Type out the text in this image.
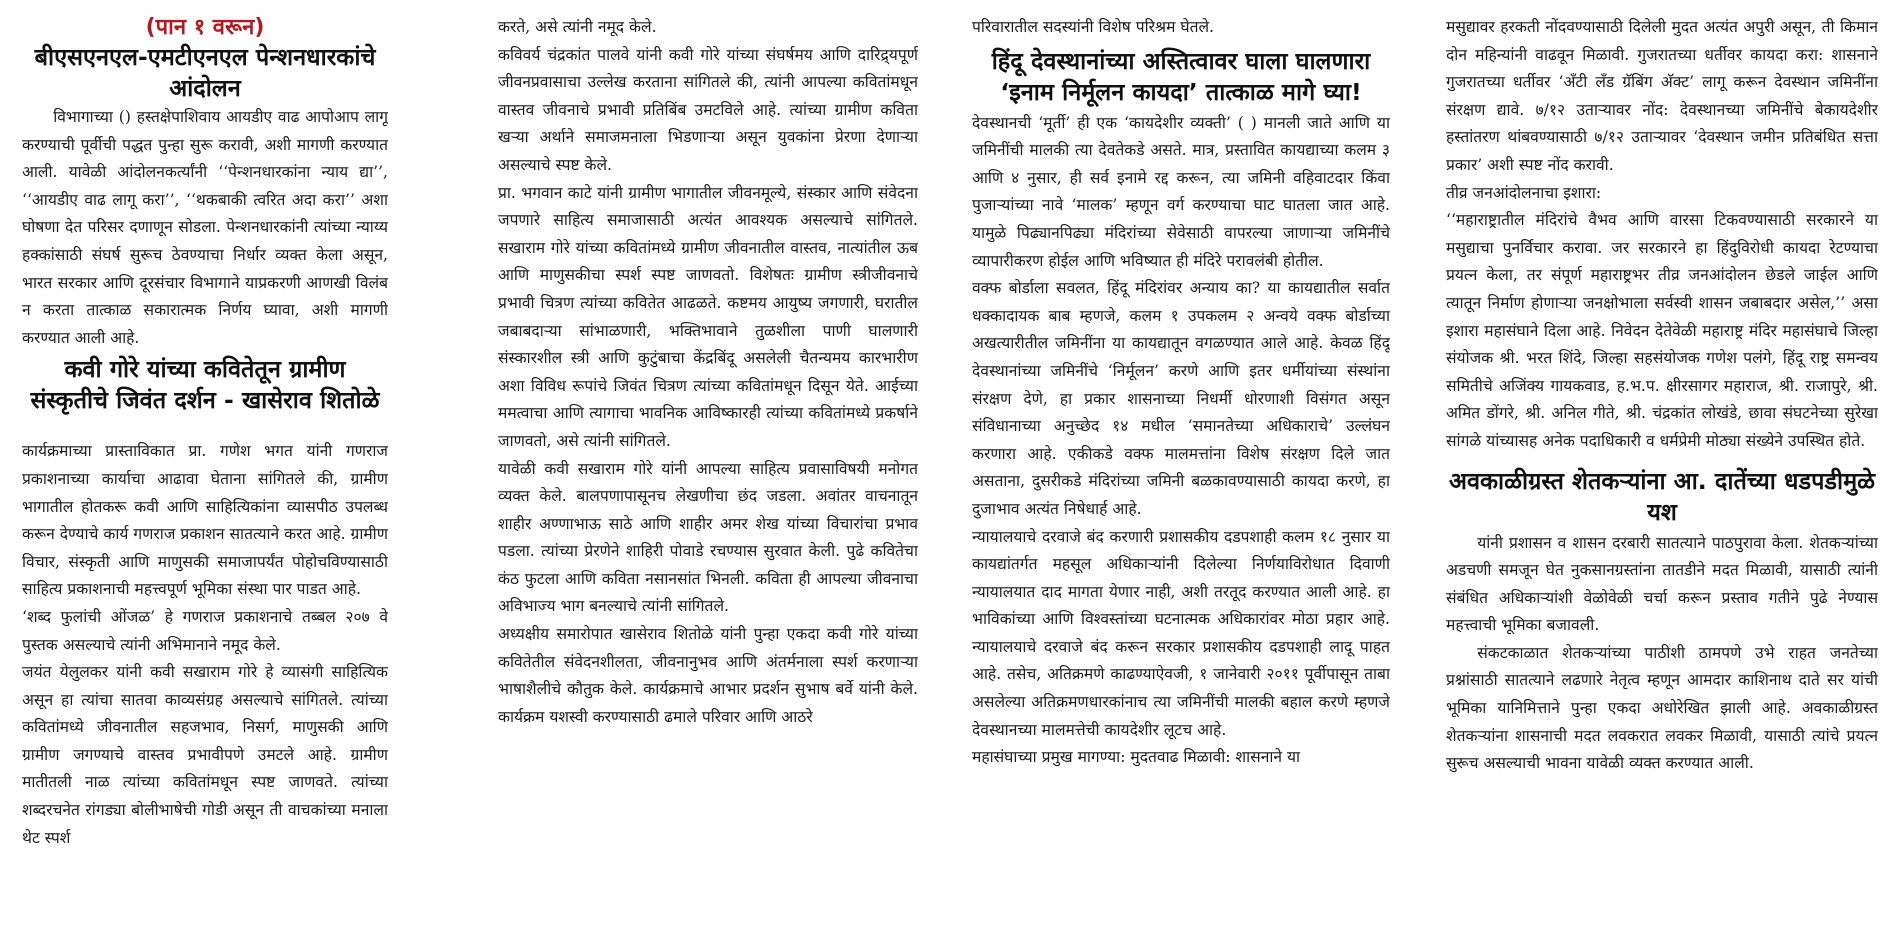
(पान १ वरून)
बीएसएनएल-एमटीएनएल पेन्शनधारकांचे आंदोलन

विभागाच्या () हस्तक्षेपाशिवाय आयडीए वाढ आपोआप लागू करण्याची पूर्वीची पद्धत पुन्हा सुरू करावी, अशी मागणी करण्यात आली. यावेळी आंदोलनकर्त्यांनी ‘‘पेन्शनधारकांना न्याय द्या’’, ‘‘आयडीए वाढ लागू करा’’, ‘‘थकबाकी त्वरित अदा करा’’ अशा घोषणा देत परिसर दणाणून सोडला. पेन्शनधारकांनी त्यांच्या न्याय्य हक्कांसाठी संघर्ष सुरूच ठेवण्याचा निर्धार व्यक्त केला असून, भारत सरकार आणि दूरसंचार विभागाने याप्रकरणी आणखी विलंब न करता तात्काळ सकारात्मक निर्णय घ्यावा, अशी मागणी करण्यात आली आहे.

कवी गोरे यांच्या कवितेतून ग्रामीण संस्कृतीचे जिवंत दर्शन - खासेराव शितोळे

कार्यक्रमाच्या प्रास्ताविकात प्रा. गणेश भगत यांनी गणराज प्रकाशनाच्या कार्याचा आढावा घेताना सांगितले की, ग्रामीण भागातील होतकरू कवी आणि साहित्यिकांना व्यासपीठ उपलब्ध करून देण्याचे कार्य गणराज प्रकाशन सातत्याने करत आहे. ग्रामीण विचार, संस्कृती आणि माणुसकी समाजापर्यंत पोहोचविण्यासाठी साहित्य प्रकाशनाची महत्त्वपूर्ण भूमिका संस्था पार पाडत आहे.

‘शब्द फुलांची ओंजळ’ हे गणराज प्रकाशनाचे तब्बल २०७ वे पुस्तक असल्याचे त्यांनी अभिमानाने नमूद केले.

जयंत येलुलकर यांनी कवी सखाराम गोरे हे व्यासंगी साहित्यिक असून हा त्यांचा सातवा काव्यसंग्रह असल्याचे सांगितले. त्यांच्या कवितांमध्ये जीवनातील सहजभाव, निसर्ग, माणुसकी आणि ग्रामीण जगण्याचे वास्तव प्रभावीपणे उमटले आहे. ग्रामीण मातीतली नाळ त्यांच्या कवितांमधून स्पष्ट जाणवते. त्यांच्या शब्दरचनेत रांगड्या बोलीभाषेची गोडी असून ती वाचकांच्या मनाला थेट स्पर्श

करते, असे त्यांनी नमूद केले.

कविवर्य चंद्रकांत पालवे यांनी कवी गोरे यांच्या संघर्षमय आणि दारिद्र्यपूर्ण जीवनप्रवासाचा उल्लेख करताना सांगितले की, त्यांनी आपल्या कवितांमधून वास्तव जीवनाचे प्रभावी प्रतिबिंब उमटविले आहे. त्यांच्या ग्रामीण कविता खऱ्या अर्थाने समाजमनाला भिडणाऱ्या असून युवकांना प्रेरणा देणाऱ्या असल्याचे स्पष्ट केले.

प्रा. भगवान काटे यांनी ग्रामीण भागातील जीवनमूल्ये, संस्कार आणि संवेदना जपणारे साहित्य समाजासाठी अत्यंत आवश्यक असल्याचे सांगितले. सखाराम गोरे यांच्या कवितांमध्ये ग्रामीण जीवनातील वास्तव, नात्यांतील ऊब आणि माणुसकीचा स्पर्श स्पष्ट जाणवतो. विशेषतः ग्रामीण स्त्रीजीवनाचे प्रभावी चित्रण त्यांच्या कवितेत आढळते. कष्टमय आयुष्य जगणारी, घरातील जबाबदाऱ्या सांभाळणारी, भक्तिभावाने तुळशीला पाणी घालणारी संस्कारशील स्त्री आणि कुटुंबाचा केंद्रबिंदू असलेली चैतन्यमय कारभारीण अशा विविध रूपांचे जिवंत चित्रण त्यांच्या कवितांमधून दिसून येते. आईच्या ममत्वाचा आणि त्यागाचा भावनिक आविष्कारही त्यांच्या कवितांमध्ये प्रकर्षाने जाणवतो, असे त्यांनी सांगितले.

यावेळी कवी सखाराम गोरे यांनी आपल्या साहित्य प्रवासाविषयी मनोगत व्यक्त केले. बालपणापासूनच लेखणीचा छंद जडला. अवांतर वाचनातून शाहीर अण्णाभाऊ साठे आणि शाहीर अमर शेख यांच्या विचारांचा प्रभाव पडला. त्यांच्या प्रेरणेने शाहिरी पोवाडे रचण्यास सुरवात केली. पुढे कवितेचा कंठ फुटला आणि कविता नसानसांत भिनली. कविता ही आपल्या जीवनाचा अविभाज्य भाग बनल्याचे त्यांनी सांगितले.

अध्यक्षीय समारोपात खासेराव शितोळे यांनी पुन्हा एकदा कवी गोरे यांच्या कवितेतील संवेदनशीलता, जीवनानुभव आणि अंतर्मनाला स्पर्श करणाऱ्या भाषाशैलीचे कौतुक केले. कार्यक्रमाचे आभार प्रदर्शन सुभाष बर्वे यांनी केले. कार्यक्रम यशस्वी करण्यासाठी ढमाले परिवार आणि आठरे

परिवारातील सदस्यांनी विशेष परिश्रम घेतले.

हिंदू देवस्थानांच्या अस्तित्वावर घाला घालणारा ‘इनाम निर्मूलन कायदा’ तात्काळ मागे घ्या!

देवस्थानची ‘मूर्ती’ ही एक ‘कायदेशीर व्यक्ती’ ( ) मानली जाते आणि या जमिनींची मालकी त्या देवतेकडे असते. मात्र, प्रस्तावित कायद्याच्या कलम ३ आणि ४ नुसार, ही सर्व इनामे रद्द करून, त्या जमिनी वहिवाटदार किंवा पुजाऱ्यांच्या नावे ‘मालक’ म्हणून वर्ग करण्याचा घाट घातला जात आहे. यामुळे पिढ्यानपिढ्या मंदिरांच्या सेवेसाठी वापरल्या जाणाऱ्या जमिनींचे व्यापारीकरण होईल आणि भविष्यात ही मंदिरे परावलंबी होतील.

वक्फ बोर्डाला सवलत, हिंदू मंदिरांवर अन्याय का? या कायद्यातील सर्वात धक्कादायक बाब म्हणजे, कलम १ उपकलम २ अन्वये वक्फ बोर्डाच्या अखत्यारीतील जमिनींना या कायद्यातून वगळण्यात आले आहे. केवळ हिंदू देवस्थानांच्या जमिनींचे ‘निर्मूलन’ करणे आणि इतर धर्मीयांच्या संस्थांना संरक्षण देणे, हा प्रकार शासनाच्या निधर्मी धोरणाशी विसंगत असून संविधानाच्या अनुच्छेद १४ मधील ‘समानतेच्या अधिकाराचे’ उल्लंघन करणारा आहे. एकीकडे वक्फ मालमत्तांना विशेष संरक्षण दिले जात असताना, दुसरीकडे मंदिरांच्या जमिनी बळकावण्यासाठी कायदा करणे, हा दुजाभाव अत्यंत निषेधार्ह आहे.

न्यायालयाचे दरवाजे बंद करणारी प्रशासकीय दडपशाही कलम १८ नुसार या कायद्यांतर्गत महसूल अधिकाऱ्यांनी दिलेल्या निर्णयाविरोधात दिवाणी न्यायालयात दाद मागता येणार नाही, अशी तरतूद करण्यात आली आहे. हा भाविकांच्या आणि विश्वस्तांच्या घटनात्मक अधिकारांवर मोठा प्रहार आहे. न्यायालयाचे दरवाजे बंद करून सरकार प्रशासकीय दडपशाही लादू पाहत आहे. तसेच, अतिक्रमणे काढण्याऐवजी, १ जानेवारी २०११ पूर्वीपासून ताबा असलेल्या अतिक्रमणधारकांनाच त्या जमिनींची मालकी बहाल करणे म्हणजे देवस्थानच्या मालमत्तेची कायदेशीर लूटच आहे.

महासंघाच्या प्रमुख मागण्या: मुदतवाढ मिळावी: शासनाने या

मसुद्यावर हरकती नोंदवण्यासाठी दिलेली मुदत अत्यंत अपुरी असून, ती किमान दोन महिन्यांनी वाढवून मिळावी. गुजरातच्या धर्तीवर कायदा करा: शासनाने गुजरातच्या धर्तीवर ‘अँटी लँड ग्रॅबिंग अ‍ॅक्ट’ लागू करून देवस्थान जमिनींना संरक्षण द्यावे. ७/१२ उताऱ्यावर नोंद: देवस्थानच्या जमिनींचे बेकायदेशीर हस्तांतरण थांबवण्यासाठी ७/१२ उताऱ्यावर ‘देवस्थान जमीन प्रतिबंधित सत्ता प्रकार’ अशी स्पष्ट नोंद करावी.

तीव्र जनआंदोलनाचा इशारा:

‘‘महाराष्ट्रातील मंदिरांचे वैभव आणि वारसा टिकवण्यासाठी सरकारने या मसुद्याचा पुनर्विचार करावा. जर सरकारने हा हिंदुविरोधी कायदा रेटण्याचा प्रयत्न केला, तर संपूर्ण महाराष्ट्रभर तीव्र जनआंदोलन छेडले जाईल आणि त्यातून निर्माण होणाऱ्या जनक्षोभाला सर्वस्वी शासन जबाबदार असेल,’’ असा इशारा महासंघाने दिला आहे. निवेदन देतेवेळी महाराष्ट्र मंदिर महासंघाचे जिल्हा संयोजक श्री. भरत शिंदे, जिल्हा सहसंयोजक गणेश पलंगे, हिंदू राष्ट्र समन्वय समितीचे अजिंक्य गायकवाड, ह.भ.प. क्षीरसागर महाराज, श्री. राजापुरे, श्री. अमित डोंगरे, श्री. अनिल गीते, श्री. चंद्रकांत लोखंडे, छावा संघटनेच्या सुरेखा सांगळे यांच्यासह अनेक पदाधिकारी व धर्मप्रेमी मोठ्या संख्येने उपस्थित होते.

अवकाळीग्रस्त शेतकऱ्यांना आ. दातेंच्या धडपडीमुळे यश

यांनी प्रशासन व शासन दरबारी सातत्याने पाठपुरावा केला. शेतकऱ्यांच्या अडचणी समजून घेत नुकसानग्रस्तांना तातडीने मदत मिळावी, यासाठी त्यांनी संबंधित अधिकाऱ्यांशी वेळोवेळी चर्चा करून प्रस्ताव गतीने पुढे नेण्यास महत्त्वाची भूमिका बजावली.

संकटकाळात शेतकऱ्यांच्या पाठीशी ठामपणे उभे राहत जनतेच्या प्रश्नांसाठी सातत्याने लढणारे नेतृत्व म्हणून आमदार काशिनाथ दाते सर यांची भूमिका यानिमित्ताने पुन्हा एकदा अधोरेखित झाली आहे. अवकाळीग्रस्त शेतकऱ्यांना शासनाची मदत लवकरात लवकर मिळावी, यासाठी त्यांचे प्रयत्न सुरूच असल्याची भावना यावेळी व्यक्त करण्यात आली.
